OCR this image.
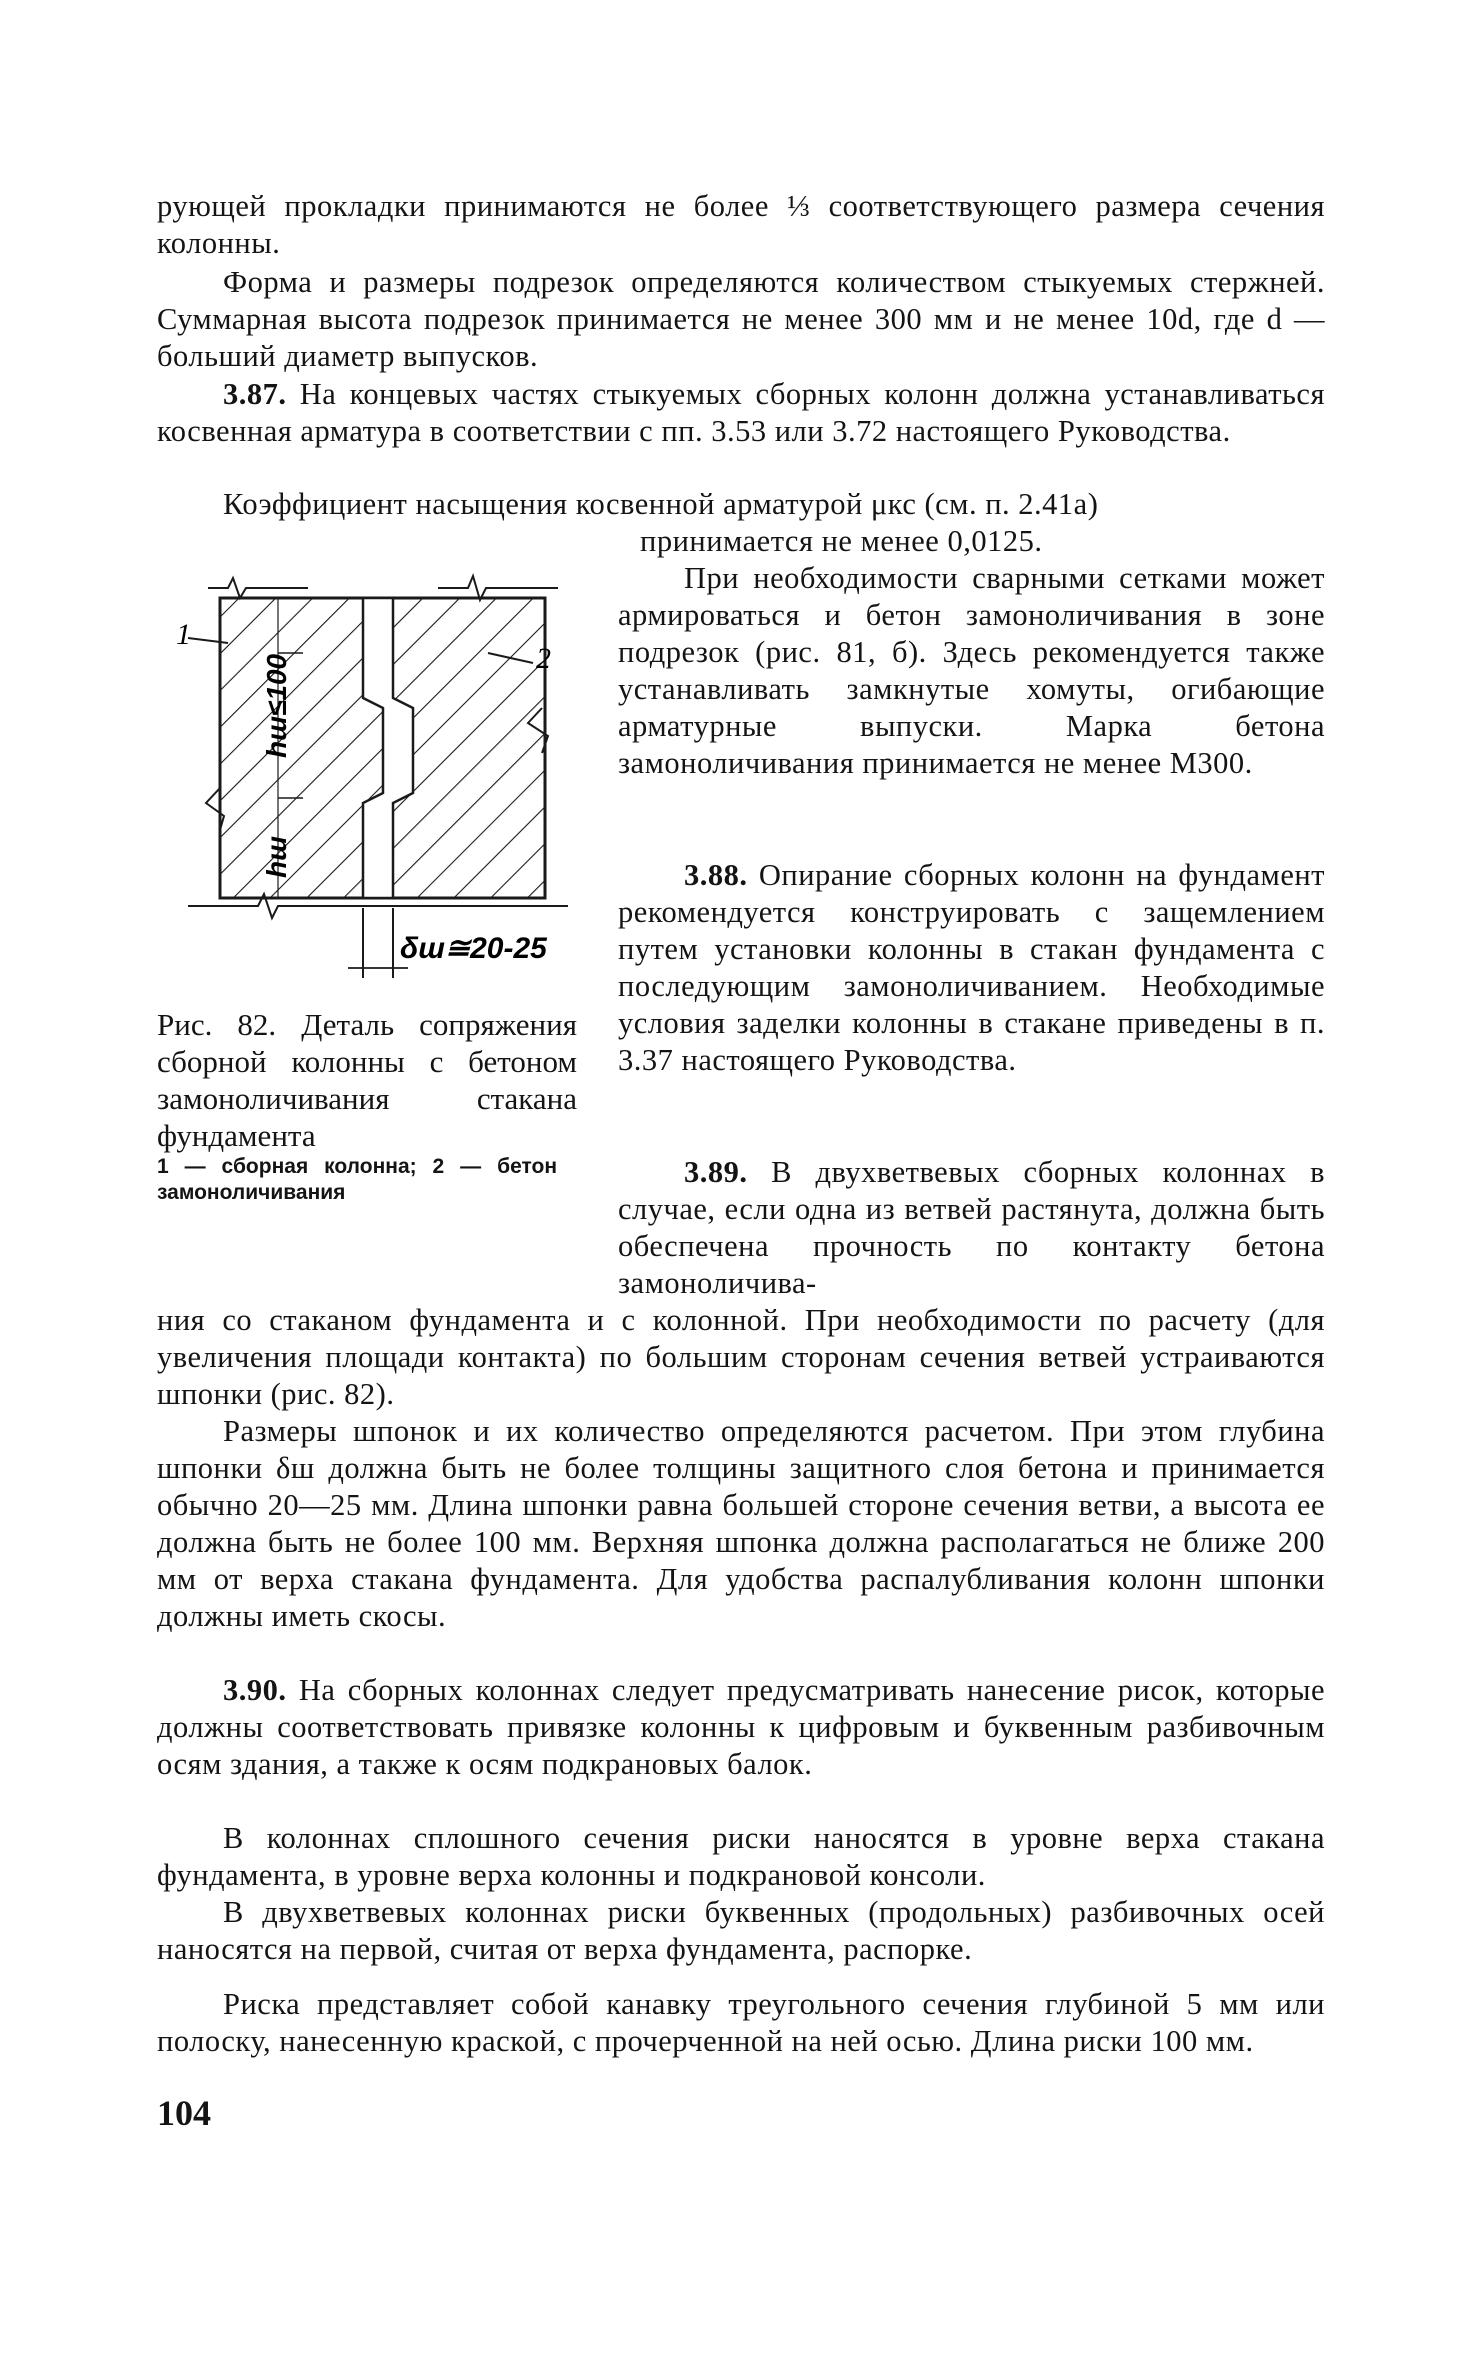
рующей прокладки принимаются не более ⅓ соответствующего размера сечения колонны.

Форма и размеры подрезок определяются количеством стыкуемых стержней. Суммарная высота подрезок принимается не менее 300 мм и не менее 10d, где d — больший диаметр выпусков.

3.87. На концевых частях стыкуемых сборных колонн должна устанавливаться косвенная арматура в соответствии с пп. 3.53 или 3.72 настоящего Руководства.

Коэффициент насыщения косвенной арматурой μкс (см. п. 2.41а)

принимается не менее 0,0125.

При необходимости сварными сетками может армироваться и бетон замоноличивания в зоне подрезок (рис. 81, б). Здесь рекомендуется также устанавливать замкнутые хомуты, огибающие арматурные выпуски. Марка бетона замоноличивания принимается не менее М300.

3.88. Опирание сборных колонн на фундамент рекомендуется конструировать с защемлением путем установки колонны в стакан фундамента с последующим замоноличиванием. Необходимые условия заделки колонны в стакане приведены в п. 3.37 настоящего Руководства.

3.89. В двухветвевых сборных колоннах в случае, если одна из ветвей растянута, должна быть обеспечена прочность по контакту бетона замоноличива-

ния со стаканом фундамента и с колонной. При необходимости по расчету (для увеличения площади контакта) по большим сторонам сечения ветвей устраиваются шпонки (рис. 82).

Размеры шпонок и их количество определяются расчетом. При этом глубина шпонки δш должна быть не более толщины защитного слоя бетона и принимается обычно 20—25 мм. Длина шпонки равна большей стороне сечения ветви, а высота ее должна быть не более 100 мм. Верхняя шпонка должна располагаться не ближе 200 мм от верха стакана фундамента. Для удобства распалубливания колонн шпонки должны иметь скосы.

3.90. На сборных колоннах следует предусматривать нанесение рисок, которые должны соответствовать привязке колонны к цифровым и буквенным разбивочным осям здания, а также к осям подкрановых балок.

В колоннах сплошного сечения риски наносятся в уровне верха стакана фундамента, в уровне верха колонны и подкрановой консоли.

В двухветвевых колоннах риски буквенных (продольных) разбивочных осей наносятся на первой, считая от верха фундамента, распорке.

Риска представляет собой канавку треугольного сечения глубиной 5 мм или полоску, нанесенную краской, с прочерченной на ней осью. Длина риски 100 мм.

1
2
hш≤100
hш
δш≅20-25

Рис. 82. Деталь сопряжения сборной колонны с бетоном замоноличивания стакана фундамента

1 — сборная колонна; 2 — бетон замоноличивания

104
